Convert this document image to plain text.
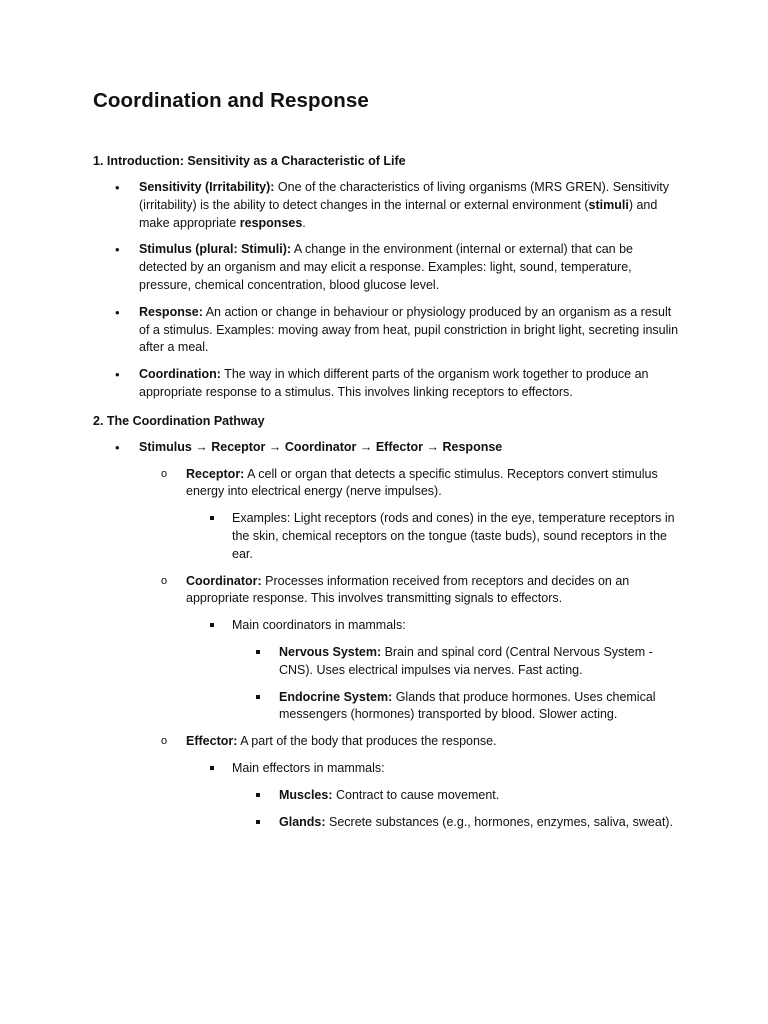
Coordination and Response

1. Introduction: Sensitivity as a Characteristic of Life

• Sensitivity (Irritability): One of the characteristics of living organisms (MRS GREN). Sensitivity (irritability) is the ability to detect changes in the internal or external environment (stimuli) and make appropriate responses.
• Stimulus (plural: Stimuli): A change in the environment (internal or external) that can be detected by an organism and may elicit a response. Examples: light, sound, temperature, pressure, chemical concentration, blood glucose level.
• Response: An action or change in behaviour or physiology produced by an organism as a result of a stimulus. Examples: moving away from heat, pupil constriction in bright light, secreting insulin after a meal.
• Coordination: The way in which different parts of the organism work together to produce an appropriate response to a stimulus. This involves linking receptors to effectors.

2. The Coordination Pathway

• Stimulus → Receptor → Coordinator → Effector → Response
o Receptor: A cell or organ that detects a specific stimulus. Receptors convert stimulus energy into electrical energy (nerve impulses).
Examples: Light receptors (rods and cones) in the eye, temperature receptors in the skin, chemical receptors on the tongue (taste buds), sound receptors in the ear.
o Coordinator: Processes information received from receptors and decides on an appropriate response. This involves transmitting signals to effectors.
Main coordinators in mammals:
Nervous System: Brain and spinal cord (Central Nervous System - CNS). Uses electrical impulses via nerves. Fast acting.
Endocrine System: Glands that produce hormones. Uses chemical messengers (hormones) transported by blood. Slower acting.
o Effector: A part of the body that produces the response.
Main effectors in mammals:
Muscles: Contract to cause movement.
Glands: Secrete substances (e.g., hormones, enzymes, saliva, sweat).
